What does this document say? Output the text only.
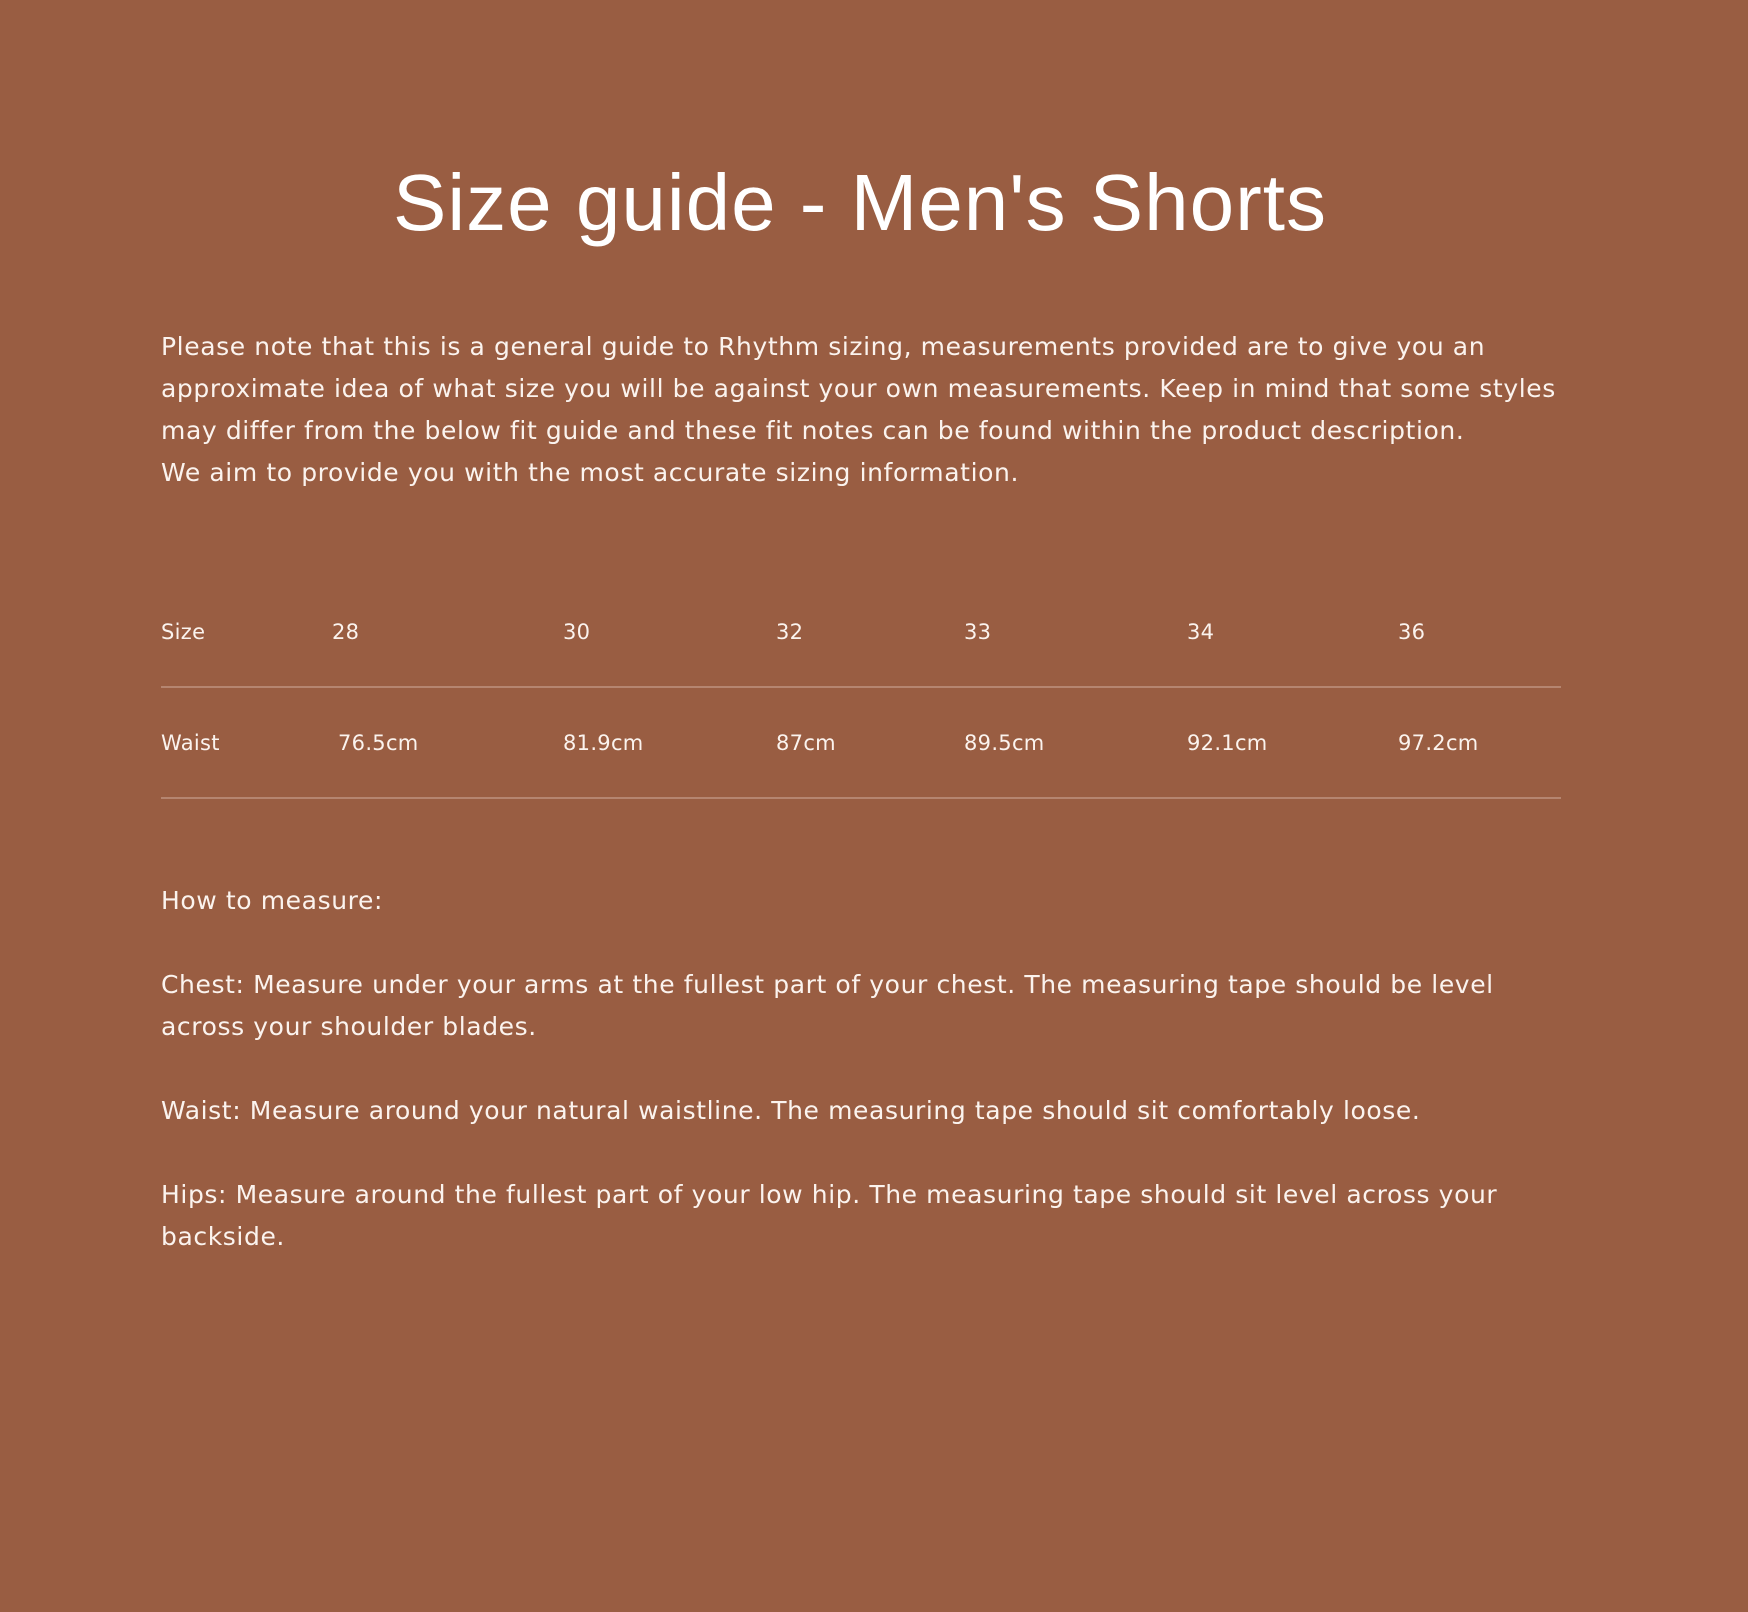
Size guide - Men's Shorts

Please note that this is a general guide to Rhythm sizing, measurements provided are to give you an approximate idea of what size you will be against your own measurements. Keep in mind that some styles may differ from the below fit guide and these fit notes can be found within the product description.

We aim to provide you with the most accurate sizing information.

Size	28	30	32	33	34	36
Waist	76.5cm	81.9cm	87cm	89.5cm	92.1cm	97.2cm

How to measure:

Chest: Measure under your arms at the fullest part of your chest. The measuring tape should be level across your shoulder blades.

Waist: Measure around your natural waistline. The measuring tape should sit comfortably loose.

Hips: Measure around the fullest part of your low hip. The measuring tape should sit level across your backside.
